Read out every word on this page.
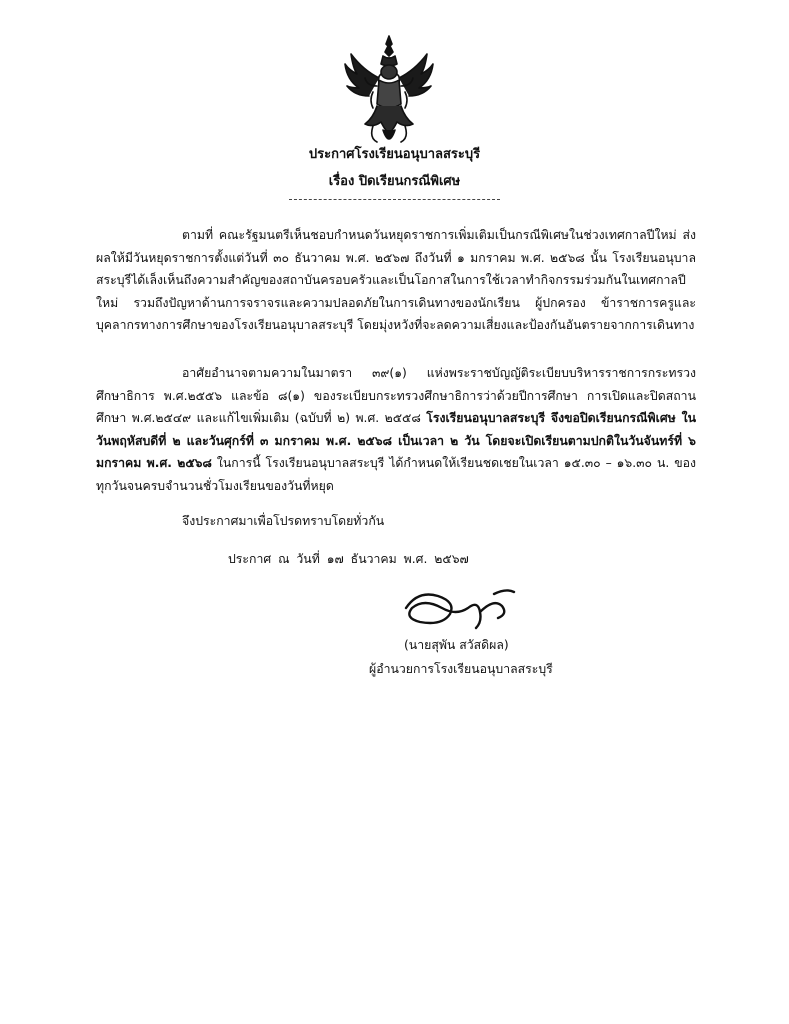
ประกาศโรงเรียนอนุบาลสระบุรี
เรื่อง ปิดเรียนกรณีพิเศษ
ตามที่ คณะรัฐมนตรีเห็นชอบกำหนดวันหยุดราชการเพิ่มเติมเป็นกรณีพิเศษในช่วงเทศกาลปีใหม่ ส่งผลให้มีวันหยุดราชการตั้งแต่วันที่ ๓๐ ธันวาคม พ.ศ. ๒๕๖๗ ถึงวันที่ ๑ มกราคม พ.ศ. ๒๕๖๘ นั้น โรงเรียนอนุบาลสระบุรีได้เล็งเห็นถึงความสำคัญของสถาบันครอบครัวและเป็นโอกาสในการใช้เวลาทำกิจกรรมร่วมกันในเทศกาลปีใหม่ รวมถึงปัญหาด้านการจราจรและความปลอดภัยในการเดินทางของนักเรียน ผู้ปกครอง ข้าราชการครูและบุคลากรทางการศึกษาของโรงเรียนอนุบาลสระบุรี โดยมุ่งหวังที่จะลดความเสี่ยงและป้องกันอันตรายจากการเดินทาง
อาศัยอำนาจตามความในมาตรา ๓๙(๑) แห่งพระราชบัญญัติระเบียบบริหารราชการกระทรวงศึกษาธิการ พ.ศ.๒๕๕๖ และข้อ ๘(๑) ของระเบียบกระทรวงศึกษาธิการว่าด้วยปีการศึกษา การเปิดและปิดสถานศึกษา พ.ศ.๒๕๔๙ และแก้ไขเพิ่มเติม (ฉบับที่ ๒) พ.ศ. ๒๕๕๘ โรงเรียนอนุบาลสระบุรี จึงขอปิดเรียนกรณีพิเศษ ในวันพฤหัสบดีที่ ๒ และวันศุกร์ที่ ๓ มกราคม พ.ศ. ๒๕๖๘ เป็นเวลา ๒ วัน โดยจะเปิดเรียนตามปกติในวันจันทร์ที่ ๖ มกราคม พ.ศ. ๒๕๖๘ ในการนี้ โรงเรียนอนุบาลสระบุรี ได้กำหนดให้เรียนชดเชยในเวลา ๑๕.๓๐ – ๑๖.๓๐ น. ของทุกวันจนครบจำนวนชั่วโมงเรียนของวันที่หยุด
จึงประกาศมาเพื่อโปรดทราบโดยทั่วกัน
ประกาศ ณ วันที่ ๑๗ ธันวาคม พ.ศ. ๒๕๖๗
(นายสุพัน สวัสดิผล)
ผู้อำนวยการโรงเรียนอนุบาลสระบุรี
